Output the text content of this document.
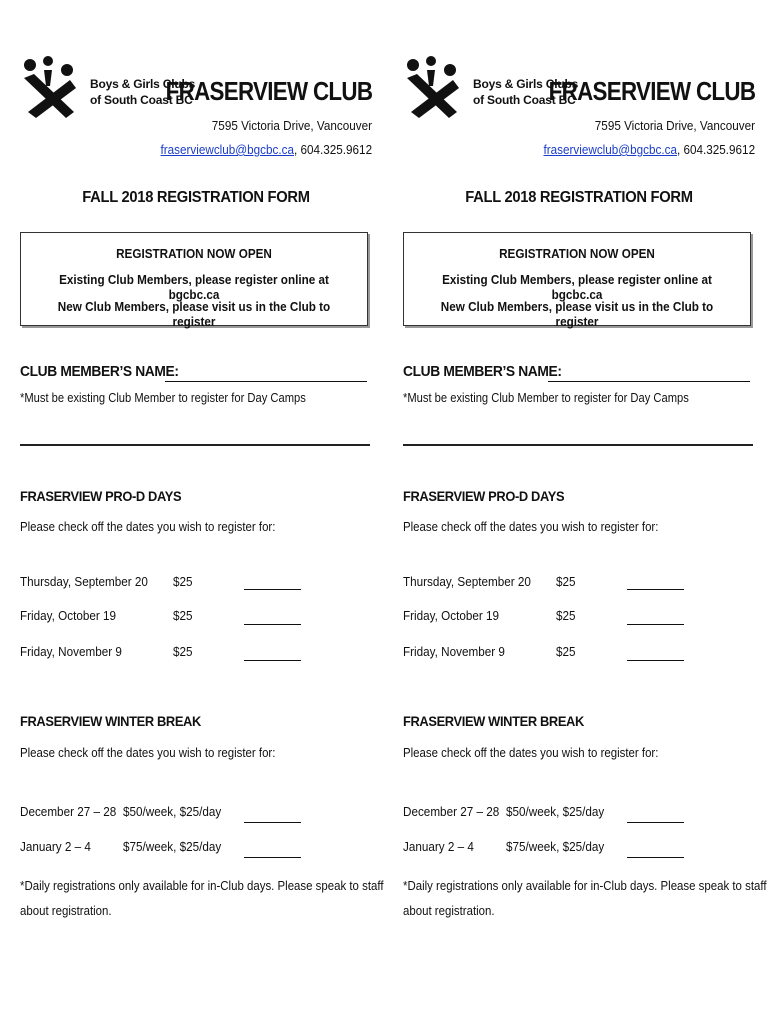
Boys & Girls Clubs
of South Coast BC
FRASERVIEW CLUB
7595 Victoria Drive, Vancouver
fraserviewclub@bgcbc.ca, 604.325.9612
FALL 2018 REGISTRATION FORM
REGISTRATION NOW OPEN
Existing Club Members, please register online at bgcbc.ca
New Club Members, please visit us in the Club to register
CLUB MEMBER’S NAME:
*Must be existing Club Member to register for Day Camps
FRASERVIEW PRO-D DAYS
Please check off the dates you wish to register for:
Thursday, September 20 $25
Friday, October 19	$25
Friday, November 9	$25
FRASERVIEW WINTER BREAK
Please check off the dates you wish to register for:
December 27 – 28 $50/week, $25/day
January 2 – 4 $75/week, $25/day
*Daily registrations only available for in-Club days. Please speak to staff
about registration.
Boys & Girls Clubs
of South Coast BC
FRASERVIEW CLUB
7595 Victoria Drive, Vancouver
fraserviewclub@bgcbc.ca, 604.325.9612
FALL 2018 REGISTRATION FORM
REGISTRATION NOW OPEN
Existing Club Members, please register online at bgcbc.ca
New Club Members, please visit us in the Club to register
CLUB MEMBER’S NAME:
*Must be existing Club Member to register for Day Camps
FRASERVIEW PRO-D DAYS
Please check off the dates you wish to register for:
Thursday, September 20 $25
Friday, October 19	$25
Friday, November 9	$25
FRASERVIEW WINTER BREAK
Please check off the dates you wish to register for:
December 27 – 28 $50/week, $25/day
January 2 – 4 $75/week, $25/day
*Daily registrations only available for in-Club days. Please speak to staff
about registration.
